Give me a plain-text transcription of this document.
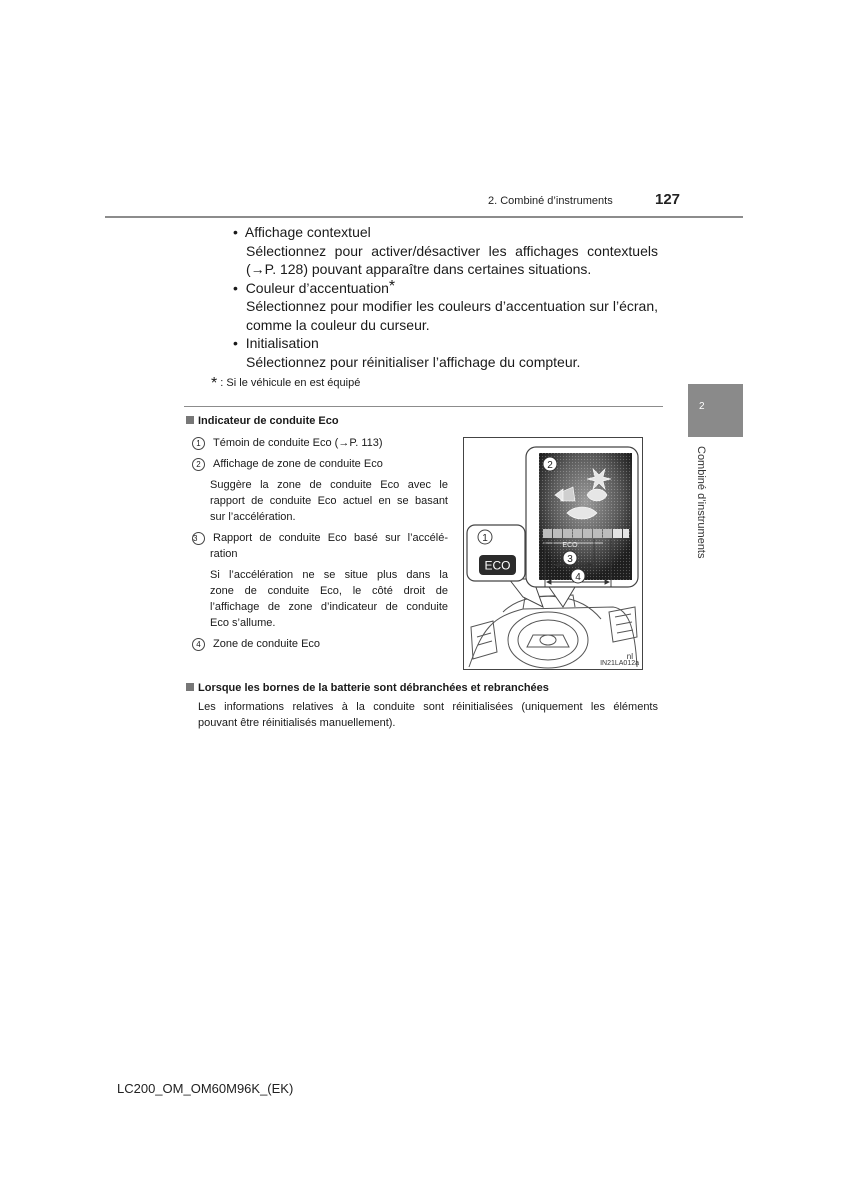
2. Combiné d’instruments	127
2
Combiné d’instruments
•  Affichage contextuel
Sélectionnez pour activer/désactiver les affichages contextuels
(→P. 128) pouvant apparaître dans certaines situations.
•  Couleur d’accentuation*
Sélectionnez pour modifier les couleurs d’accentuation sur l’écran,
comme la couleur du curseur.
•  Initialisation
Sélectionnez pour réinitialiser l’affichage du compteur.
* : Si le véhicule en est équipé
Indicateur de conduite Eco
1 Témoin de conduite Eco (→P. 113)
2 Affichage de zone de conduite Eco
Suggère la zone de conduite Eco avec le
rapport de conduite Eco actuel en se basant
sur l’accélération.
3 Rapport de conduite Eco basé sur l’accélé-
ration
Si l’accélération ne se situe plus dans la
zone de conduite Eco, le côté droit de
l’affichage de zone d’indicateur de conduite
Eco s’allume.
4 Zone de conduite Eco
nl
1
ECO
2
ECO
3
4
IN21LA012a
Lorsque les bornes de la batterie sont débranchées et rebranchées
Les informations relatives à la conduite sont réinitialisées (uniquement les éléments
pouvant être réinitialisés manuellement).
LC200_OM_OM60M96K_(EK)
